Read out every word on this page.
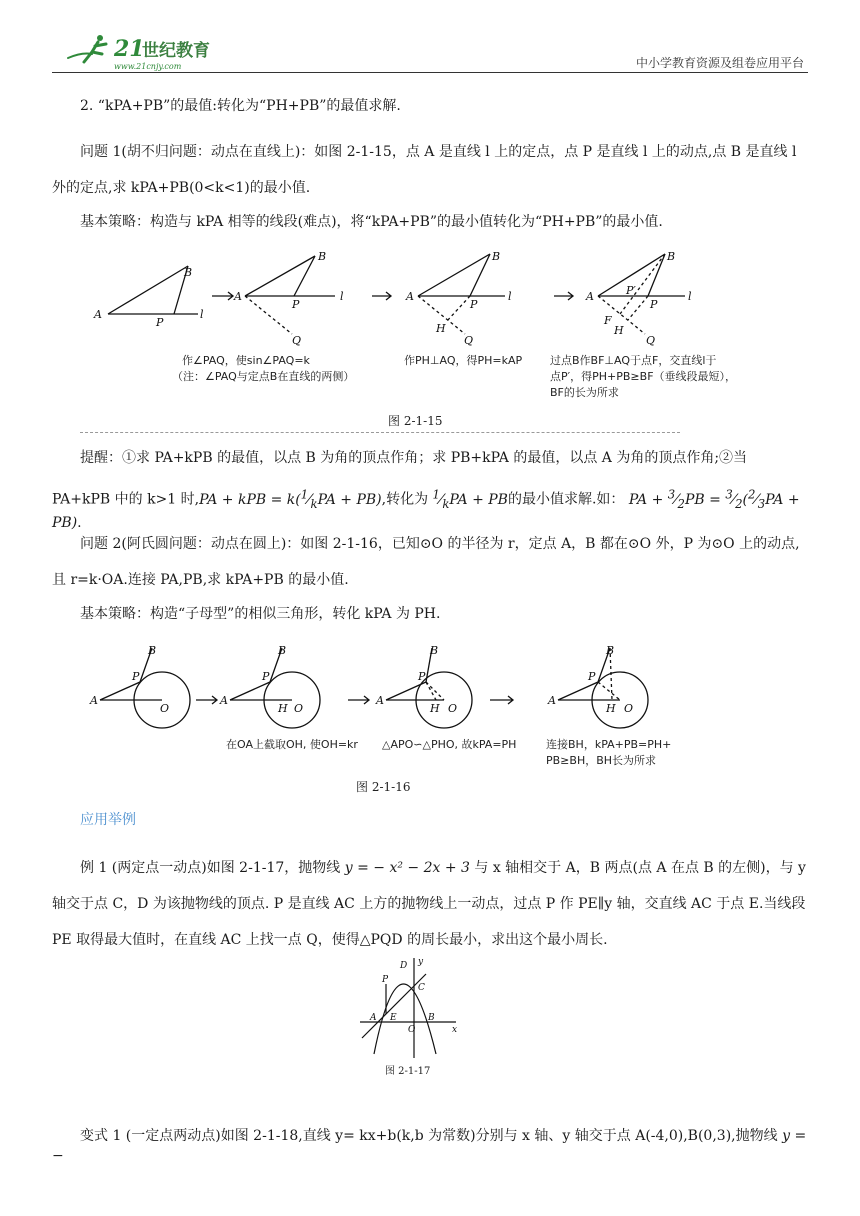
21
世纪教育
www.21cnjy.com	中小学教育资源及组卷应用平台
2. “kPA+PB”的最值:转化为“PH+PB”的最值求解.
问题 1(胡不归问题：动点在直线上)：如图 2-1-15，点 A 是直线 l 上的定点，点 P 是直线 l 上的动点,点 B 是直线 l 外的定点,求 kPA+PB(0<k<1)的最小值.
基本策略：构造与 kPA 相等的线段(难点)，将“kPA+PB”的最小值转化为“PH+PB”的最小值.
A
B
P
l
A
B
P
l
Q
A
B
P
l
H
Q
A
B
P′
P
l
F
H
Q
作∠PAQ，使sin∠PAQ=k
（注：∠PAQ与定点B在直线的两侧）
作PH⊥AQ，得PH=kAP	过点B作BF⊥AQ于点F，交直线l于
点P′，得PH+PB≥BF（垂线段最短），
BF的长为所求
图 2-1-15
提醒：①求 PA+kPB 的最值，以点 B 为角的顶点作角；求 PB+kPA 的最值，以点 A 为角的顶点作角;②当
PA+kPB 中的 k>1 时,PA + kPB = $k(^1⁄_kPA + PB)$,转化为 $^1⁄_kPA$ + PB的最小值求解.如： PA + $^3⁄_2PB$ = $^3⁄_2(^2⁄_3PA + PB)$.
问题 2(阿氏圆问题：动点在圆上)：如图 2-1-16，已知⊙O 的半径为 r，定点 A，B 都在⊙O 外，P 为⊙O 上的动点,且 r=k·OA.连接 PA,PB,求 kPA+PB 的最小值.
基本策略：构造“子母型”的相似三角形，转化 kPA 为 PH.
A
B
P
O
A
B
P
H O
A
B
P
H O
A
B
P
H O
在OA上截取OH, 使OH=kr △APO∽△PHO, 故kPA=PH	连接BH，kPA+PB=PH+
PB≥BH，BH长为所求
图 2-1-16
应用举例
例 1 (两定点一动点)如图 2-1-17，抛物线 y = − x² − 2x + 3 与 x 轴相交于 A，B 两点(点 A 在点 B 的左侧)，与 y 轴交于点 C，D 为该抛物线的顶点. P 是直线 AC 上方的抛物线上一动点，过点 P 作 PE∥y 轴，交直线 AC 于点 E.当线段 PE 取得最大值时，在直线 AC 上找一点 Q，使得△PQD 的周长最小，求出这个最小周长.
D y
P
C
A E	B
O	x
图 2-1-17
变式 1 (一定点两动点)如图 2-1-18,直线 y= kx+b(k,b 为常数)分别与 x 轴、y 轴交于点 A(-4,0),B(0,3),抛物线 y = −
